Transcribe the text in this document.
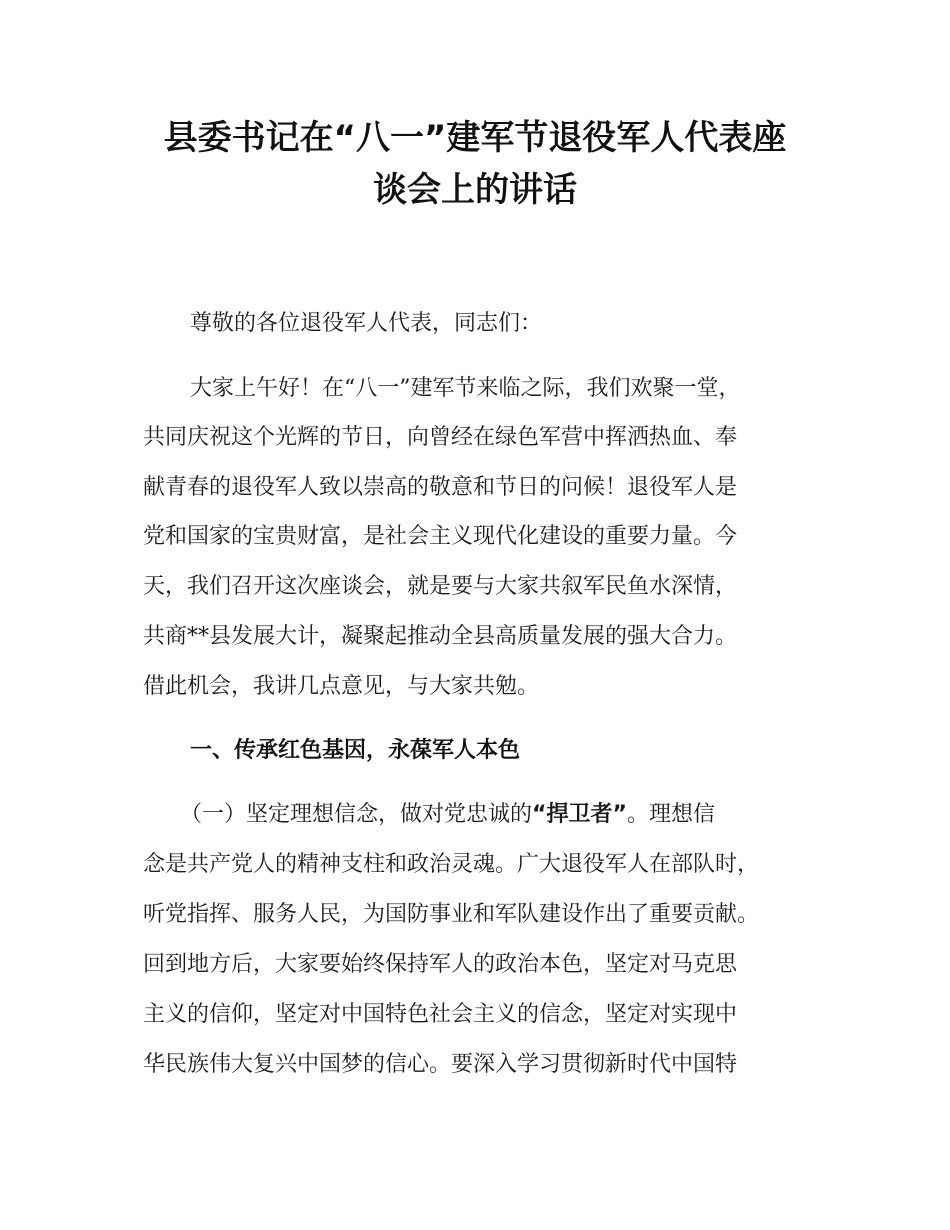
县委书记在“八一”建军节退役军人代表座
谈会上的讲话
尊敬的各位退役军人代表，同志们：
大家上午好！在“八一”建军节来临之际，我们欢聚一堂，
共同庆祝这个光辉的节日，向曾经在绿色军营中挥洒热血、奉
献青春的退役军人致以崇高的敬意和节日的问候！退役军人是
党和国家的宝贵财富，是社会主义现代化建设的重要力量。今
天，我们召开这次座谈会，就是要与大家共叙军民鱼水深情，
共商**县发展大计，凝聚起推动全县高质量发展的强大合力。
借此机会，我讲几点意见，与大家共勉。
一、传承红色基因，永葆军人本色
（一）坚定理想信念，做对党忠诚的“捍卫者”。理想信
念是共产党人的精神支柱和政治灵魂。广大退役军人在部队时，
听党指挥、服务人民，为国防事业和军队建设作出了重要贡献。
回到地方后，大家要始终保持军人的政治本色，坚定对马克思
主义的信仰，坚定对中国特色社会主义的信念，坚定对实现中
华民族伟大复兴中国梦的信心。要深入学习贯彻新时代中国特
